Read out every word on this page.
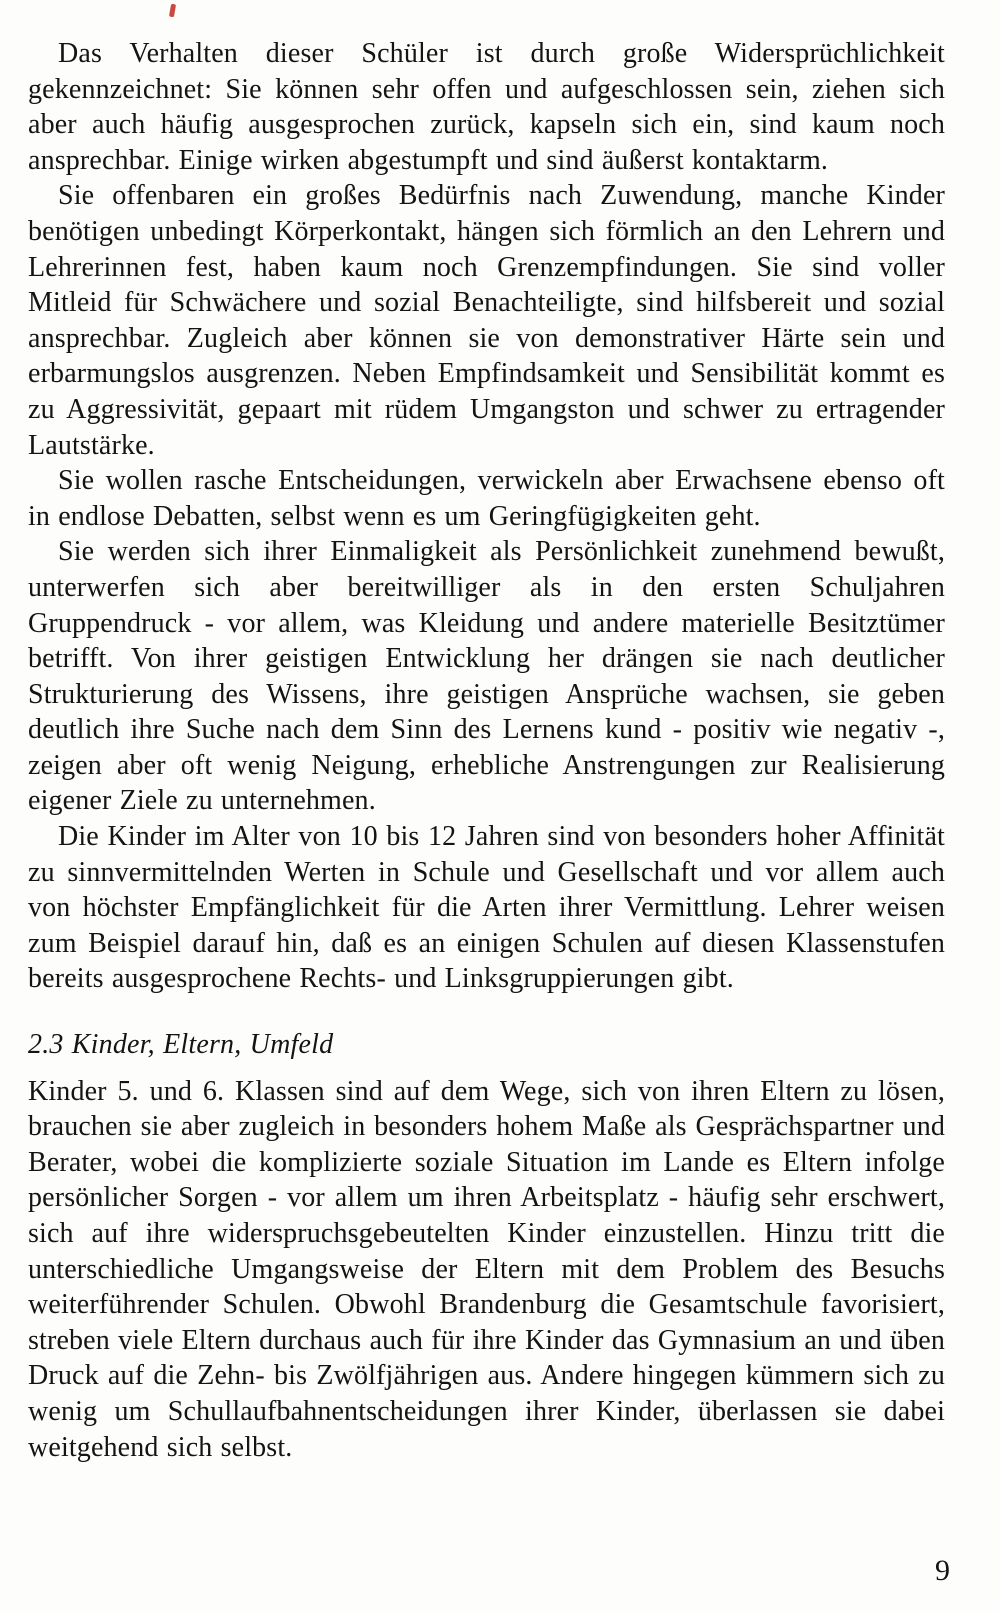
Das Verhalten dieser Schüler ist durch große Widersprüchlichkeit gekennzeichnet: Sie können sehr offen und aufgeschlossen sein, ziehen sich aber auch häufig ausgesprochen zurück, kapseln sich ein, sind kaum noch ansprechbar. Einige wirken abgestumpft und sind äußerst kontaktarm.

Sie offenbaren ein großes Bedürfnis nach Zuwendung, manche Kinder benötigen unbedingt Körperkontakt, hängen sich förmlich an den Lehrern und Lehrerinnen fest, haben kaum noch Grenzempfindungen. Sie sind voller Mitleid für Schwächere und sozial Benachteiligte, sind hilfsbereit und sozial ansprechbar. Zugleich aber können sie von demonstrativer Härte sein und erbarmungslos ausgrenzen. Neben Empfindsamkeit und Sensibilität kommt es zu Aggressivität, gepaart mit rüdem Umgangston und schwer zu ertragender Lautstärke.

Sie wollen rasche Entscheidungen, verwickeln aber Erwachsene ebenso oft in endlose Debatten, selbst wenn es um Geringfügigkeiten geht.

Sie werden sich ihrer Einmaligkeit als Persönlichkeit zunehmend bewußt, unterwerfen sich aber bereitwilliger als in den ersten Schuljahren Gruppendruck - vor allem, was Kleidung und andere materielle Besitztümer betrifft. Von ihrer geistigen Entwicklung her drängen sie nach deutlicher Strukturierung des Wissens, ihre geistigen Ansprüche wachsen, sie geben deutlich ihre Suche nach dem Sinn des Lernens kund - positiv wie negativ -, zeigen aber oft wenig Neigung, erhebliche Anstrengungen zur Realisierung eigener Ziele zu unternehmen.

Die Kinder im Alter von 10 bis 12 Jahren sind von besonders hoher Affinität zu sinnvermittelnden Werten in Schule und Gesellschaft und vor allem auch von höchster Empfänglichkeit für die Arten ihrer Vermittlung. Lehrer weisen zum Beispiel darauf hin, daß es an einigen Schulen auf diesen Klassenstufen bereits ausgesprochene Rechts- und Linksgruppierungen gibt.

2.3 Kinder, Eltern, Umfeld

Kinder 5. und 6. Klassen sind auf dem Wege, sich von ihren Eltern zu lösen, brauchen sie aber zugleich in besonders hohem Maße als Gesprächspartner und Berater, wobei die komplizierte soziale Situation im Lande es Eltern infolge persönlicher Sorgen - vor allem um ihren Arbeitsplatz - häufig sehr erschwert, sich auf ihre widerspruchsgebeutelten Kinder einzustellen. Hinzu tritt die unterschiedliche Umgangsweise der Eltern mit dem Problem des Besuchs weiterführender Schulen. Obwohl Brandenburg die Gesamtschule favorisiert, streben viele Eltern durchaus auch für ihre Kinder das Gymnasium an und üben Druck auf die Zehn- bis Zwölfjährigen aus. Andere hingegen kümmern sich zu wenig um Schullaufbahnentscheidungen ihrer Kinder, überlassen sie dabei weitgehend sich selbst.

9
